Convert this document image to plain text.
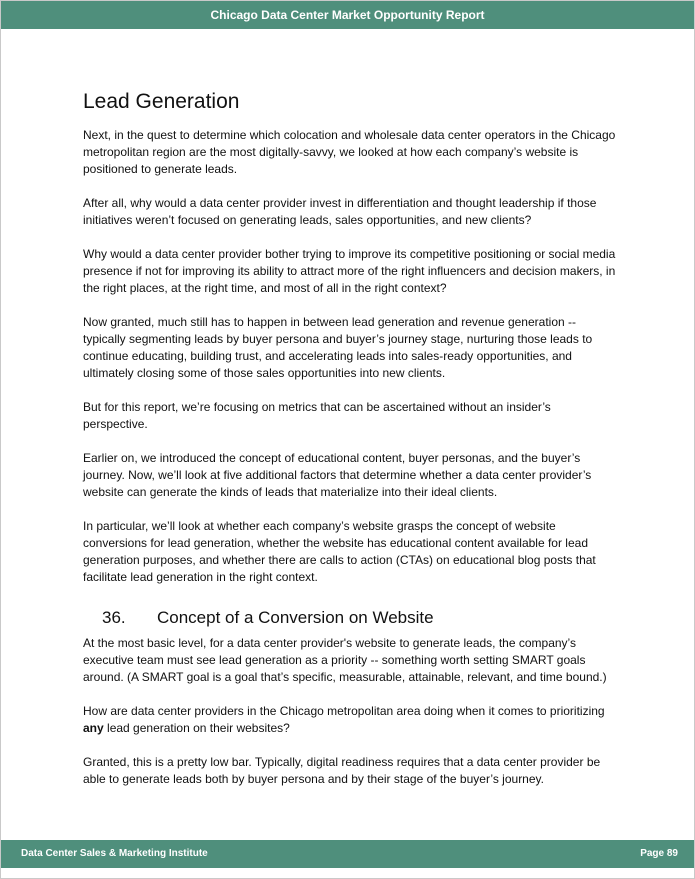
Chicago Data Center Market Opportunity Report
Lead Generation

Next, in the quest to determine which colocation and wholesale data center operators in the Chicago metropolitan region are the most digitally-savvy, we looked at how each company’s website is positioned to generate leads.

After all, why would a data center provider invest in differentiation and thought leadership if those initiatives weren’t focused on generating leads, sales opportunities, and new clients?

Why would a data center provider bother trying to improve its competitive positioning or social media presence if not for improving its ability to attract more of the right influencers and decision makers, in the right places, at the right time, and most of all in the right context?

Now granted, much still has to happen in between lead generation and revenue generation -- typically segmenting leads by buyer persona and buyer’s journey stage, nurturing those leads to continue educating, building trust, and accelerating leads into sales-ready opportunities, and ultimately closing some of those sales opportunities into new clients.

But for this report, we’re focusing on metrics that can be ascertained without an insider’s perspective.

Earlier on, we introduced the concept of educational content, buyer personas, and the buyer’s journey. Now, we’ll look at five additional factors that determine whether a data center provider’s website can generate the kinds of leads that materialize into their ideal clients.

In particular, we’ll look at whether each company’s website grasps the concept of website conversions for lead generation, whether the website has educational content available for lead generation purposes, and whether there are calls to action (CTAs) on educational blog posts that facilitate lead generation in the right context.

36.	Concept of a Conversion on Website

At the most basic level, for a data center provider's website to generate leads, the company’s executive team must see lead generation as a priority -- something worth setting SMART goals around. (A SMART goal is a goal that’s specific, measurable, attainable, relevant, and time bound.)

How are data center providers in the Chicago metropolitan area doing when it comes to prioritizing any lead generation on their websites?

Granted, this is a pretty low bar. Typically, digital readiness requires that a data center provider be able to generate leads both by buyer persona and by their stage of the buyer’s journey.

Data Center Sales & Marketing Institute	Page 89
